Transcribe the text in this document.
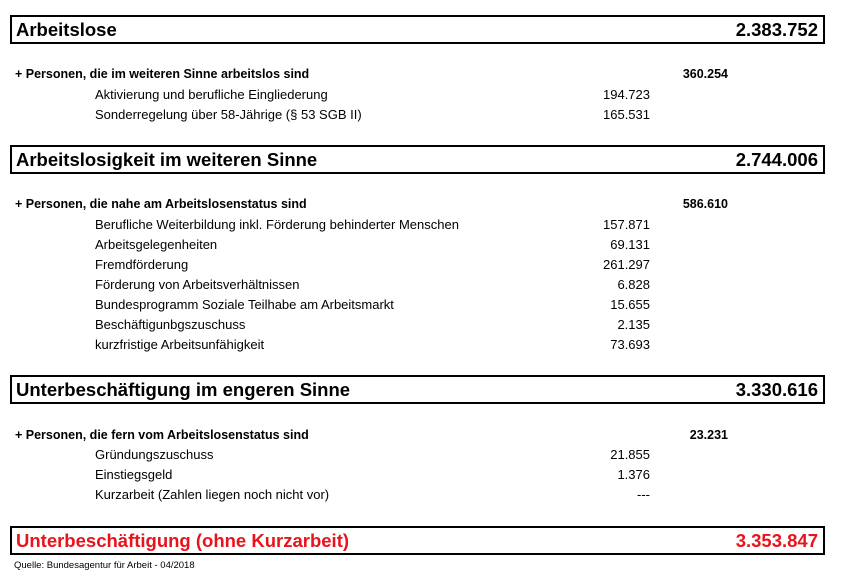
Arbeitslose	2.383.752
+ Personen, die im weiteren Sinne arbeitslos sind	360.254
Aktivierung und berufliche Eingliederung	194.723
Sonderregelung über 58-Jährige (§ 53 SGB II)	165.531
Arbeitslosigkeit im weiteren Sinne	2.744.006
+ Personen, die nahe am Arbeitslosenstatus sind	586.610
Berufliche Weiterbildung inkl. Förderung behinderter Menschen	157.871
Arbeitsgelegenheiten	69.131
Fremdförderung	261.297
Förderung von Arbeitsverhältnissen	6.828
Bundesprogramm Soziale Teilhabe am Arbeitsmarkt	15.655
Beschäftigunbgszuschuss	2.135
kurzfristige Arbeitsunfähigkeit	73.693
Unterbeschäftigung im engeren Sinne	3.330.616
+ Personen, die fern vom Arbeitslosenstatus sind	23.231
Gründungszuschuss	21.855
Einstiegsgeld	1.376
Kurzarbeit (Zahlen liegen noch nicht vor)	---
Unterbeschäftigung (ohne Kurzarbeit)	3.353.847
Quelle: Bundesagentur für Arbeit - 04/2018
